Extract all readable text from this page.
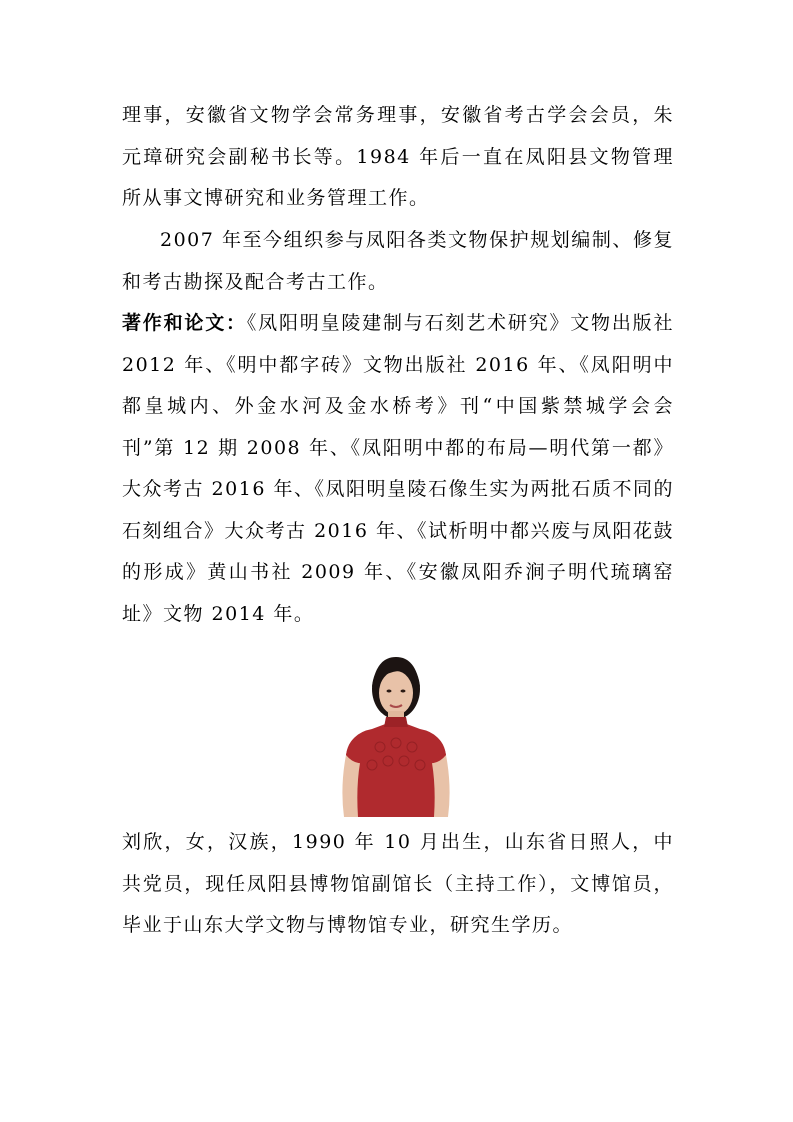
理事，安徽省文物学会常务理事，安徽省考古学会会员，朱元璋研究会副秘书长等。1984 年后一直在凤阳县文物管理所从事文博研究和业务管理工作。

2007 年至今组织参与凤阳各类文物保护规划编制、修复和考古勘探及配合考古工作。

著作和论文：《凤阳明皇陵建制与石刻艺术研究》文物出版社 2012 年、《明中都字砖》文物出版社 2016 年、《凤阳明中都皇城内、外金水河及金水桥考》刊“中国紫禁城学会会刊”第 12 期 2008 年、《凤阳明中都的布局—明代第一都》大众考古 2016 年、《凤阳明皇陵石像生实为两批石质不同的石刻组合》大众考古 2016 年、《试析明中都兴废与凤阳花鼓的形成》黄山书社 2009 年、《安徽凤阳乔涧子明代琉璃窑址》文物 2014 年。

刘欣，女，汉族，1990 年 10 月出生，山东省日照人，中共党员，现任凤阳县博物馆副馆长（主持工作），文博馆员，毕业于山东大学文物与博物馆专业，研究生学历。
